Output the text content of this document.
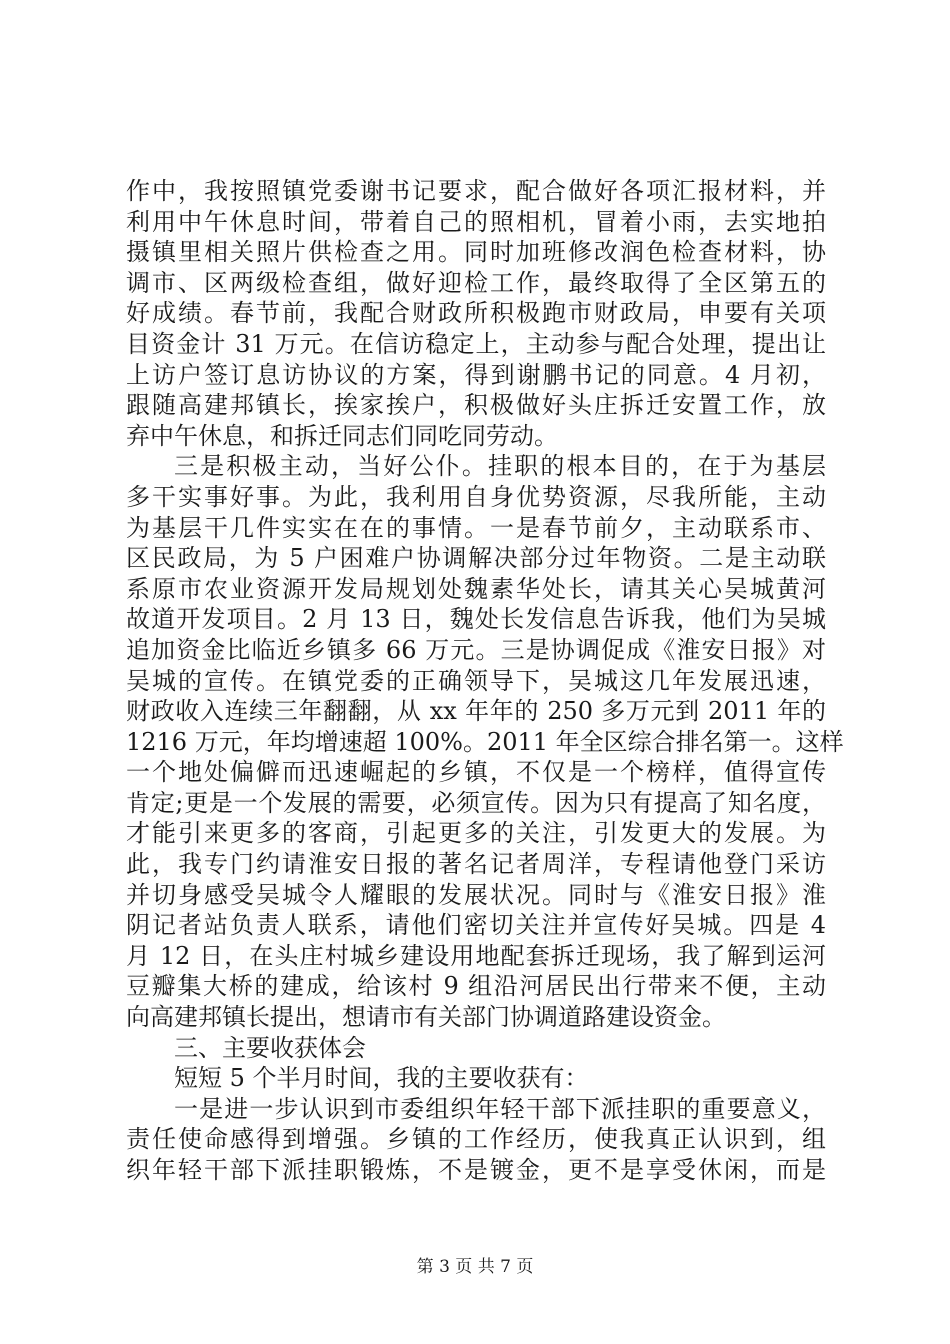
作中，我按照镇党委谢书记要求，配合做好各项汇报材料，并
利用中午休息时间，带着自己的照相机，冒着小雨，去实地拍
摄镇里相关照片供检查之用。同时加班修改润色检查材料，协
调市、区两级检查组，做好迎检工作，最终取得了全区第五的
好成绩。春节前，我配合财政所积极跑市财政局，申要有关项
目资金计 31 万元。在信访稳定上，主动参与配合处理，提出让
上访户签订息访协议的方案，得到谢鹏书记的同意。4 月初，
跟随高建邦镇长，挨家挨户，积极做好头庄拆迁安置工作，放
弃中午休息，和拆迁同志们同吃同劳动。
三是积极主动，当好公仆。挂职的根本目的，在于为基层
多干实事好事。为此，我利用自身优势资源，尽我所能，主动
为基层干几件实实在在的事情。一是春节前夕，主动联系市、
区民政局，为 5 户困难户协调解决部分过年物资。二是主动联
系原市农业资源开发局规划处魏素华处长，请其关心吴城黄河
故道开发项目。2 月 13 日，魏处长发信息告诉我，他们为吴城
追加资金比临近乡镇多 66 万元。三是协调促成《淮安日报》对
吴城的宣传。在镇党委的正确领导下，吴城这几年发展迅速，
财政收入连续三年翻翻，从 xx 年年的 250 多万元到 2011 年的
1216 万元，年均增速超 100%。2011 年全区综合排名第一。这样
一个地处偏僻而迅速崛起的乡镇，不仅是一个榜样，值得宣传
肯定;更是一个发展的需要，必须宣传。因为只有提高了知名度，
才能引来更多的客商，引起更多的关注，引发更大的发展。为
此，我专门约请淮安日报的著名记者周洋，专程请他登门采访
并切身感受吴城令人耀眼的发展状况。同时与《淮安日报》淮
阴记者站负责人联系，请他们密切关注并宣传好吴城。四是 4
月 12 日，在头庄村城乡建设用地配套拆迁现场，我了解到运河
豆瓣集大桥的建成，给该村 9 组沿河居民出行带来不便，主动
向高建邦镇长提出，想请市有关部门协调道路建设资金。
三、主要收获体会
短短 5 个半月时间，我的主要收获有：
一是进一步认识到市委组织年轻干部下派挂职的重要意义，
责任使命感得到增强。乡镇的工作经历，使我真正认识到，组
织年轻干部下派挂职锻炼，不是镀金，更不是享受休闲，而是
第 3 页 共 7 页
